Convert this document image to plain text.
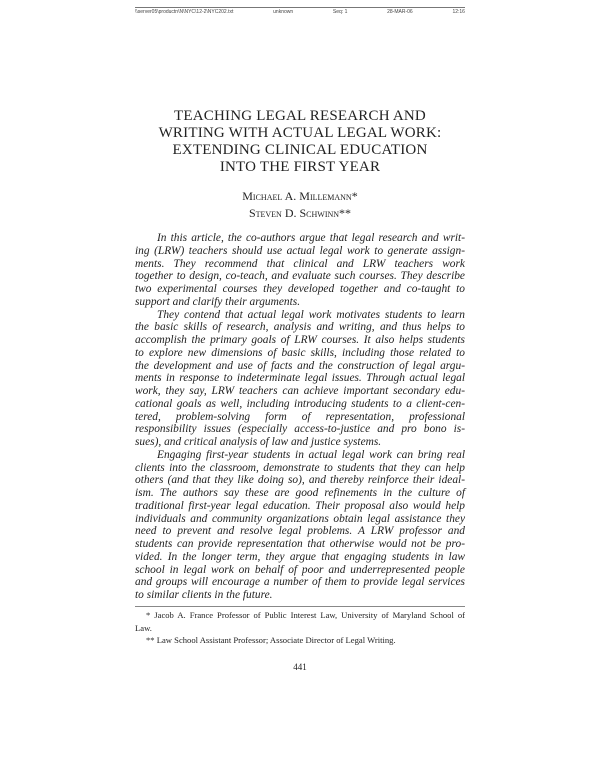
\\server05\productn\N\NYC\12-2\NYC202.txt	unknown	Seq: 1	28-MAR-06	12:16
TEACHING LEGAL RESEARCH AND
WRITING WITH ACTUAL LEGAL WORK:
EXTENDING CLINICAL EDUCATION
INTO THE FIRST YEAR
Michael A. Millemann*
Steven D. Schwinn**
In this article, the co-authors argue that legal research and writ-
ing (LRW) teachers should use actual legal work to generate assign-
ments. They recommend that clinical and LRW teachers work
together to design, co-teach, and evaluate such courses. They describe
two experimental courses they developed together and co-taught to
support and clarify their arguments.
They contend that actual legal work motivates students to learn
the basic skills of research, analysis and writing, and thus helps to
accomplish the primary goals of LRW courses. It also helps students
to explore new dimensions of basic skills, including those related to
the development and use of facts and the construction of legal argu-
ments in response to indeterminate legal issues. Through actual legal
work, they say, LRW teachers can achieve important secondary edu-
cational goals as well, including introducing students to a client-cen-
tered, problem-solving form of representation, professional
responsibility issues (especially access-to-justice and pro bono is-
sues), and critical analysis of law and justice systems.
Engaging first-year students in actual legal work can bring real
clients into the classroom, demonstrate to students that they can help
others (and that they like doing so), and thereby reinforce their ideal-
ism. The authors say these are good refinements in the culture of
traditional first-year legal education. Their proposal also would help
individuals and community organizations obtain legal assistance they
need to prevent and resolve legal problems. A LRW professor and
students can provide representation that otherwise would not be pro-
vided. In the longer term, they argue that engaging students in law
school in legal work on behalf of poor and underrepresented people
and groups will encourage a number of them to provide legal services
to similar clients in the future.
* Jacob A. France Professor of Public Interest Law, University of Maryland School of
Law.
** Law School Assistant Professor; Associate Director of Legal Writing.
441
